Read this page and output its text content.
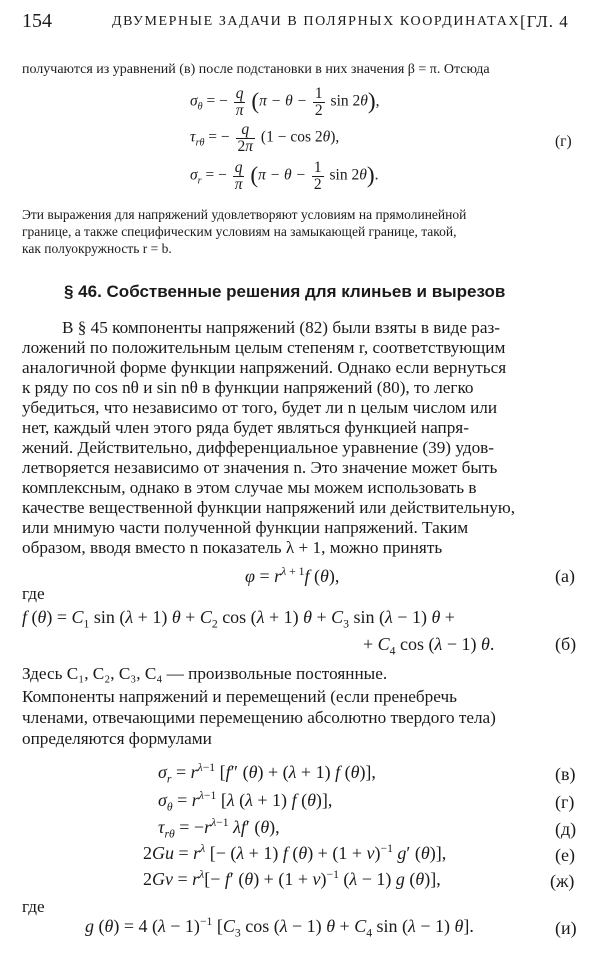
154	ДВУМЕРНЫЕ ЗАДАЧИ В ПОЛЯРНЫХ КООРДИНАТАХ [ГЛ. 4
получаются из уравнений (в) после подстановки в них значения β = π. Отсюда
$\sigma_\theta$ = − $\frac{q}{\pi} (\pi - \theta - \frac{1}{2}$ sin 2θ),
$\tau_{r\theta}$ = − $\frac{q}{2\pi} (1 - \cos 2\theta)$,	(г)
$\sigma_r$ = − $\frac{q}{\pi} (\pi - \theta - \frac{1}{2}$ sin 2θ).
Эти выражения для напряжений удовлетворяют условиям на прямолинейной
границе, а также специфическим условиям на замыкающей границе, такой,
как полуокружность r = b.
§ 46. Собственные решения для клиньев и вырезов
В § 45 компоненты напряжений (82) были взяты в виде раз-
ложений по положительным целым степеням r, соответствующим
аналогичной форме функции напряжений. Однако если вернуться
к ряду по cos nθ и sin nθ в функции напряжений (80), то легко
убедиться, что независимо от того, будет ли n целым числом или
нет, каждый член этого ряда будет являться функцией напря-
жений. Действительно, дифференциальное уравнение (39) удов-
летворяется независимо от значения n. Это значение может быть
комплексным, однако в этом случае мы можем использовать в
качестве вещественной функции напряжений или действительную,
или мнимую части полученной функции напряжений. Таким
образом, вводя вместо n показатель λ + 1, можно принять
$\varphi = r^{\lambda + 1}f$ (θ),	(а)
где
f $(\theta) = C_1$ sin (λ + 1) $\theta + C_2$ cos (λ + 1) $\theta + C_3$ sin (λ − 1) θ +
+ $C_4$ cos (λ − 1) θ.	(б)
Здесь C₁, C₂, C₃, C₄ — произвольные постоянные.
Компоненты напряжений и перемещений (если пренебречь
членами, отвечающими перемещению абсолютно твердого тела)
определяются формулами
$\sigma_r = r^{\lambda-1}$ [f″ (θ) + (λ + 1) f (θ)],	(в)
$\sigma_\theta = r^{\lambda-1}$ [λ (λ + 1) f (θ)],	(г)
$\tau_{r\theta} = -r^{\lambda-1}$ λf′ (θ),	(д)
$2Gu = r^\lambda$ [− (λ + 1) f $(\theta) + (1 + \nu)^{-1}$ g′ (θ)],	(е)
$2Gv = r^\lambda[- f'$ $(\theta) + (1 + \nu)^{-1}$ (λ − 1) g (θ)],	(ж)
где
g (θ) = 4 $(\lambda - 1)^{-1}$ [$C_3$ cos (λ − 1) $\theta + C_4$ sin (λ − 1) θ].	(и)
